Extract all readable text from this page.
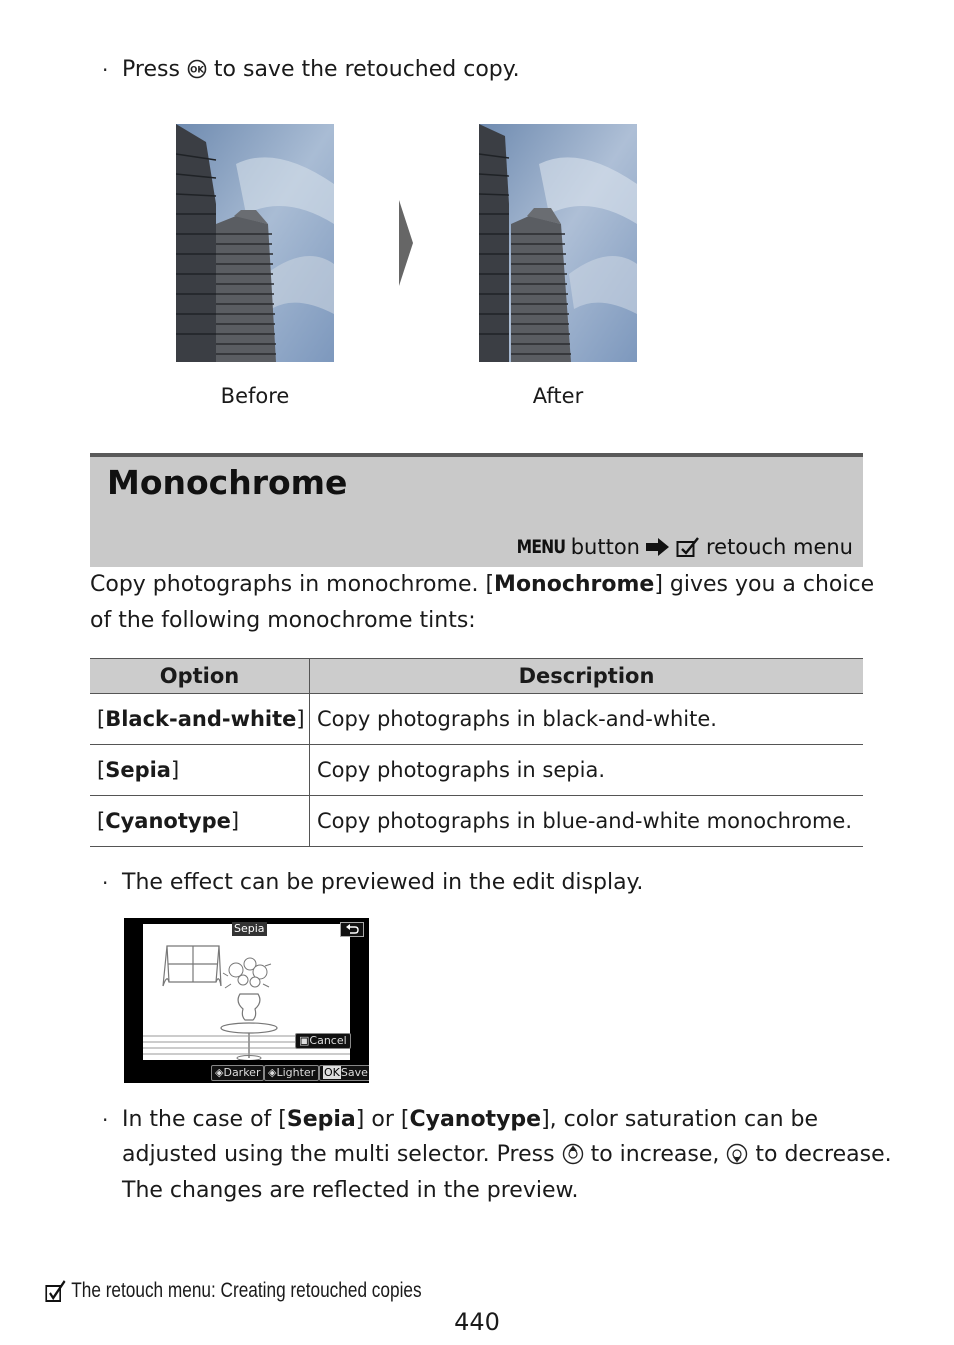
· Press OK to save the retouched copy.
Before	After
Monochrome
MENU button	retouch menu
Copy photographs in monochrome. [Monochrome] gives you a choice
of the following monochrome tints:
Option	Description
[Black-and-white]	Copy photographs in black-and-white.
[Sepia]	Copy photographs in sepia.
[Cyanotype]	Copy photographs in blue-and-white monochrome.
· The effect can be previewed in the edit display.
Sepia
▣Cancel
◈Darker ◈Lighter OKSave
· In the case of [Sepia] or [Cyanotype], color saturation can be
adjusted using the multi selector. Press to increase, to decrease.
The changes are reflected in the preview.
The retouch menu: Creating retouched copies
440
